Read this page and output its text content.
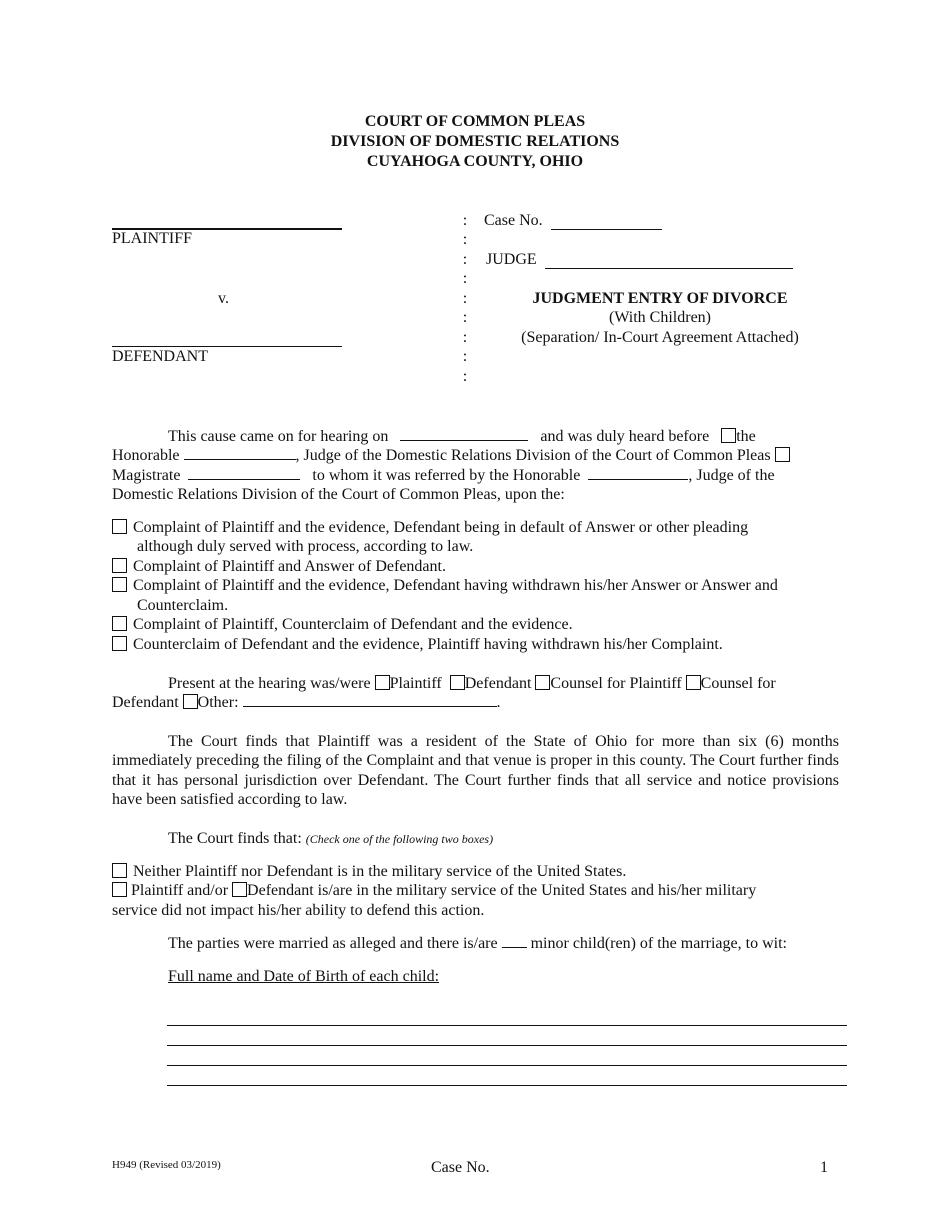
COURT OF COMMON PLEAS
DIVISION OF DOMESTIC RELATIONS
CUYAHOGA COUNTY, OHIO
PLAINTIFF
v.
DEFENDANT
:
:
:
:
:
:
:
:
:
Case No.
JUDGE
JUDGMENT ENTRY OF DIVORCE
(With Children)
(Separation/ In-Court Agreement Attached)
This cause came on for hearing on	and was duly heard before the
Honorable	, Judge of the Domestic Relations Division of the Court of Common Pleas
Magistrate	to whom it was referred by the Honorable	, Judge of the
Domestic Relations Division of the Court of Common Pleas, upon the:
Complaint of Plaintiff and the evidence, Defendant being in default of Answer or other pleading
although duly served with process, according to law.
Complaint of Plaintiff and Answer of Defendant.
Complaint of Plaintiff and the evidence, Defendant having withdrawn his/her Answer or Answer and
Counterclaim.
Complaint of Plaintiff, Counterclaim of Defendant and the evidence.
Counterclaim of Defendant and the evidence, Plaintiff having withdrawn his/her Complaint.
Present at the hearing was/were Plaintiff Defendant Counsel for Plaintiff Counsel for
Defendant Other:	.
The Court finds that Plaintiff was a resident of the State of Ohio for more than six (6) months immediately preceding the filing of the Complaint and that venue is proper in this county. The Court further finds that it has personal jurisdiction over Defendant. The Court further finds that all service and notice provisions have been satisfied according to law.
The Court finds that: (Check one of the following two boxes)
Neither Plaintiff nor Defendant is in the military service of the United States.
Plaintiff and/or Defendant is/are in the military service of the United States and his/her military
service did not impact his/her ability to defend this action.
The parties were married as alleged and there is/are minor child(ren) of the marriage, to wit:
Full name and Date of Birth of each child:
H949 (Revised 03/2019)	Case No.	1
